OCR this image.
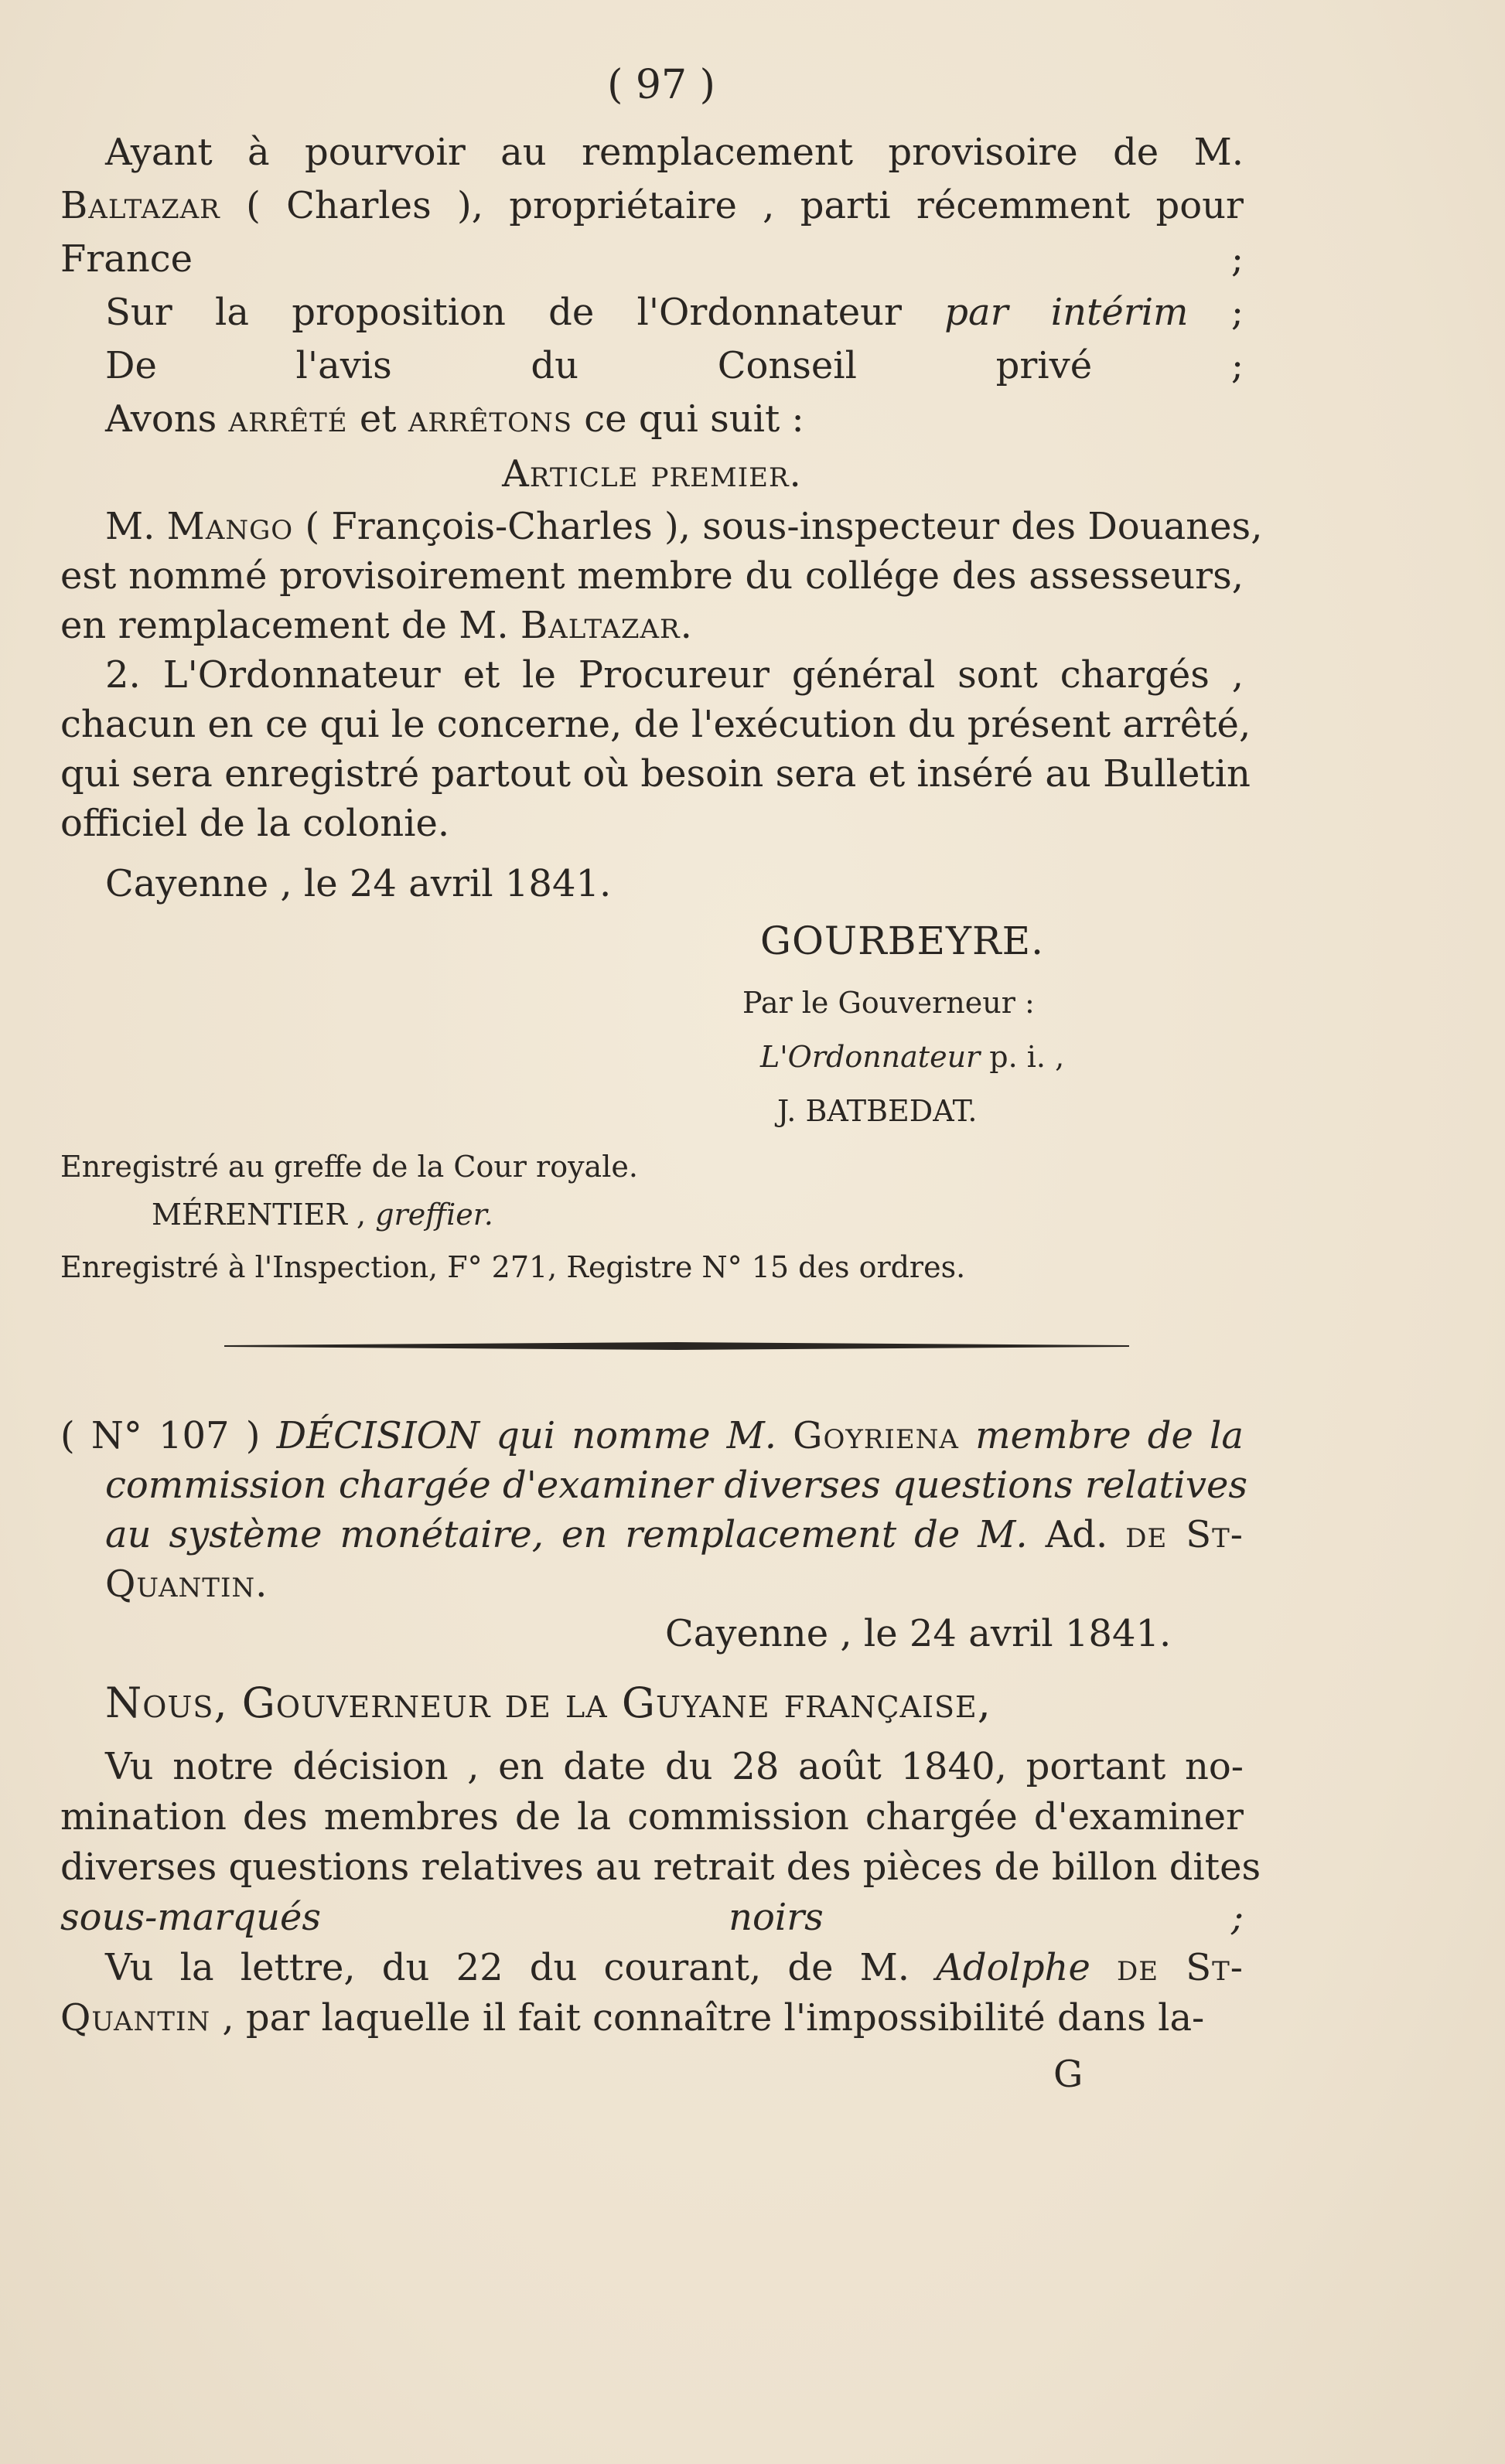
( 97 )
Ayant à pourvoir au remplacement provisoire de M.
Baltazar ( Charles ), propriétaire , parti récemment pour
France ;
Sur la proposition de l'Ordonnateur par intérim ;
De l'avis du Conseil privé ;
Avons arrêté et arrêtons ce qui suit :
Article premier.
M. Mango ( François-Charles ), sous-inspecteur des Douanes,
est nommé provisoirement membre du collége des assesseurs,
en remplacement de M. Baltazar.
2. L'Ordonnateur et le Procureur général sont chargés ,
chacun en ce qui le concerne, de l'exécution du présent arrêté,
qui sera enregistré partout où besoin sera et inséré au Bulletin
officiel de la colonie.
Cayenne , le 24 avril 1841.
GOURBEYRE.
Par le Gouverneur :
L'Ordonnateur p. i. ,
J. BATBEDAT.
Enregistré au greffe de la Cour royale.
MÉRENTIER , greffier.
Enregistré à l'Inspection, F° 271, Registre N° 15 des ordres.
( N° 107 ) DÉCISION qui nomme M. Goyriena membre de la
commission chargée d'examiner diverses questions relatives
au système monétaire, en remplacement de M. Ad. de St-
Quantin.
Cayenne , le 24 avril 1841.
Nous, Gouverneur de la Guyane française,
Vu notre décision , en date du 28 août 1840, portant no-
mination des membres de la commission chargée d'examiner
diverses questions relatives au retrait des pièces de billon dites
sous-marqués noirs ;
Vu la lettre, du 22 du courant, de M. Adolphe de St-
Quantin , par laquelle il fait connaître l'impossibilité dans la-
G
